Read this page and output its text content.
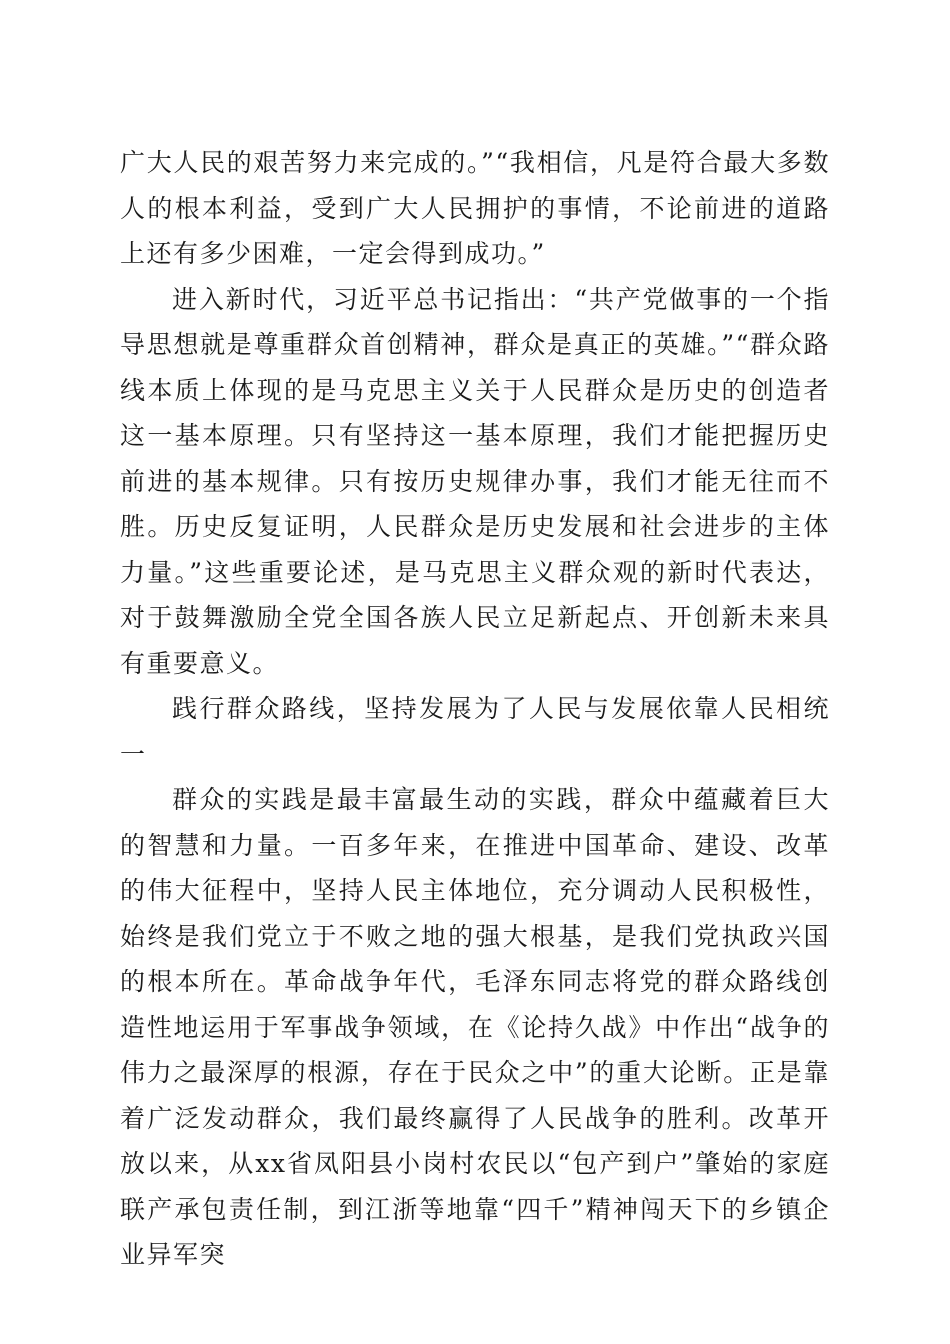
广大人民的艰苦努力来完成的。”“我相信，凡是符合最大多数人的根本利益，受到广大人民拥护的事情，不论前进的道路上还有多少困难，一定会得到成功。”

进入新时代，习近平总书记指出：“共产党做事的一个指导思想就是尊重群众首创精神，群众是真正的英雄。”“群众路线本质上体现的是马克思主义关于人民群众是历史的创造者这一基本原理。只有坚持这一基本原理，我们才能把握历史前进的基本规律。只有按历史规律办事，我们才能无往而不胜。历史反复证明，人民群众是历史发展和社会进步的主体力量。”这些重要论述，是马克思主义群众观的新时代表达，对于鼓舞激励全党全国各族人民立足新起点、开创新未来具有重要意义。

践行群众路线，坚持发展为了人民与发展依靠人民相统一

群众的实践是最丰富最生动的实践，群众中蕴藏着巨大的智慧和力量。一百多年来，在推进中国革命、建设、改革的伟大征程中，坚持人民主体地位，充分调动人民积极性，始终是我们党立于不败之地的强大根基，是我们党执政兴国的根本所在。革命战争年代，毛泽东同志将党的群众路线创造性地运用于军事战争领域，在《论持久战》中作出“战争的伟力之最深厚的根源，存在于民众之中”的重大论断。正是靠着广泛发动群众，我们最终赢得了人民战争的胜利。改革开放以来，从xx省凤阳县小岗村农民以“包产到户”肇始的家庭联产承包责任制，到江浙等地靠“四千”精神闯天下的乡镇企业异军突
